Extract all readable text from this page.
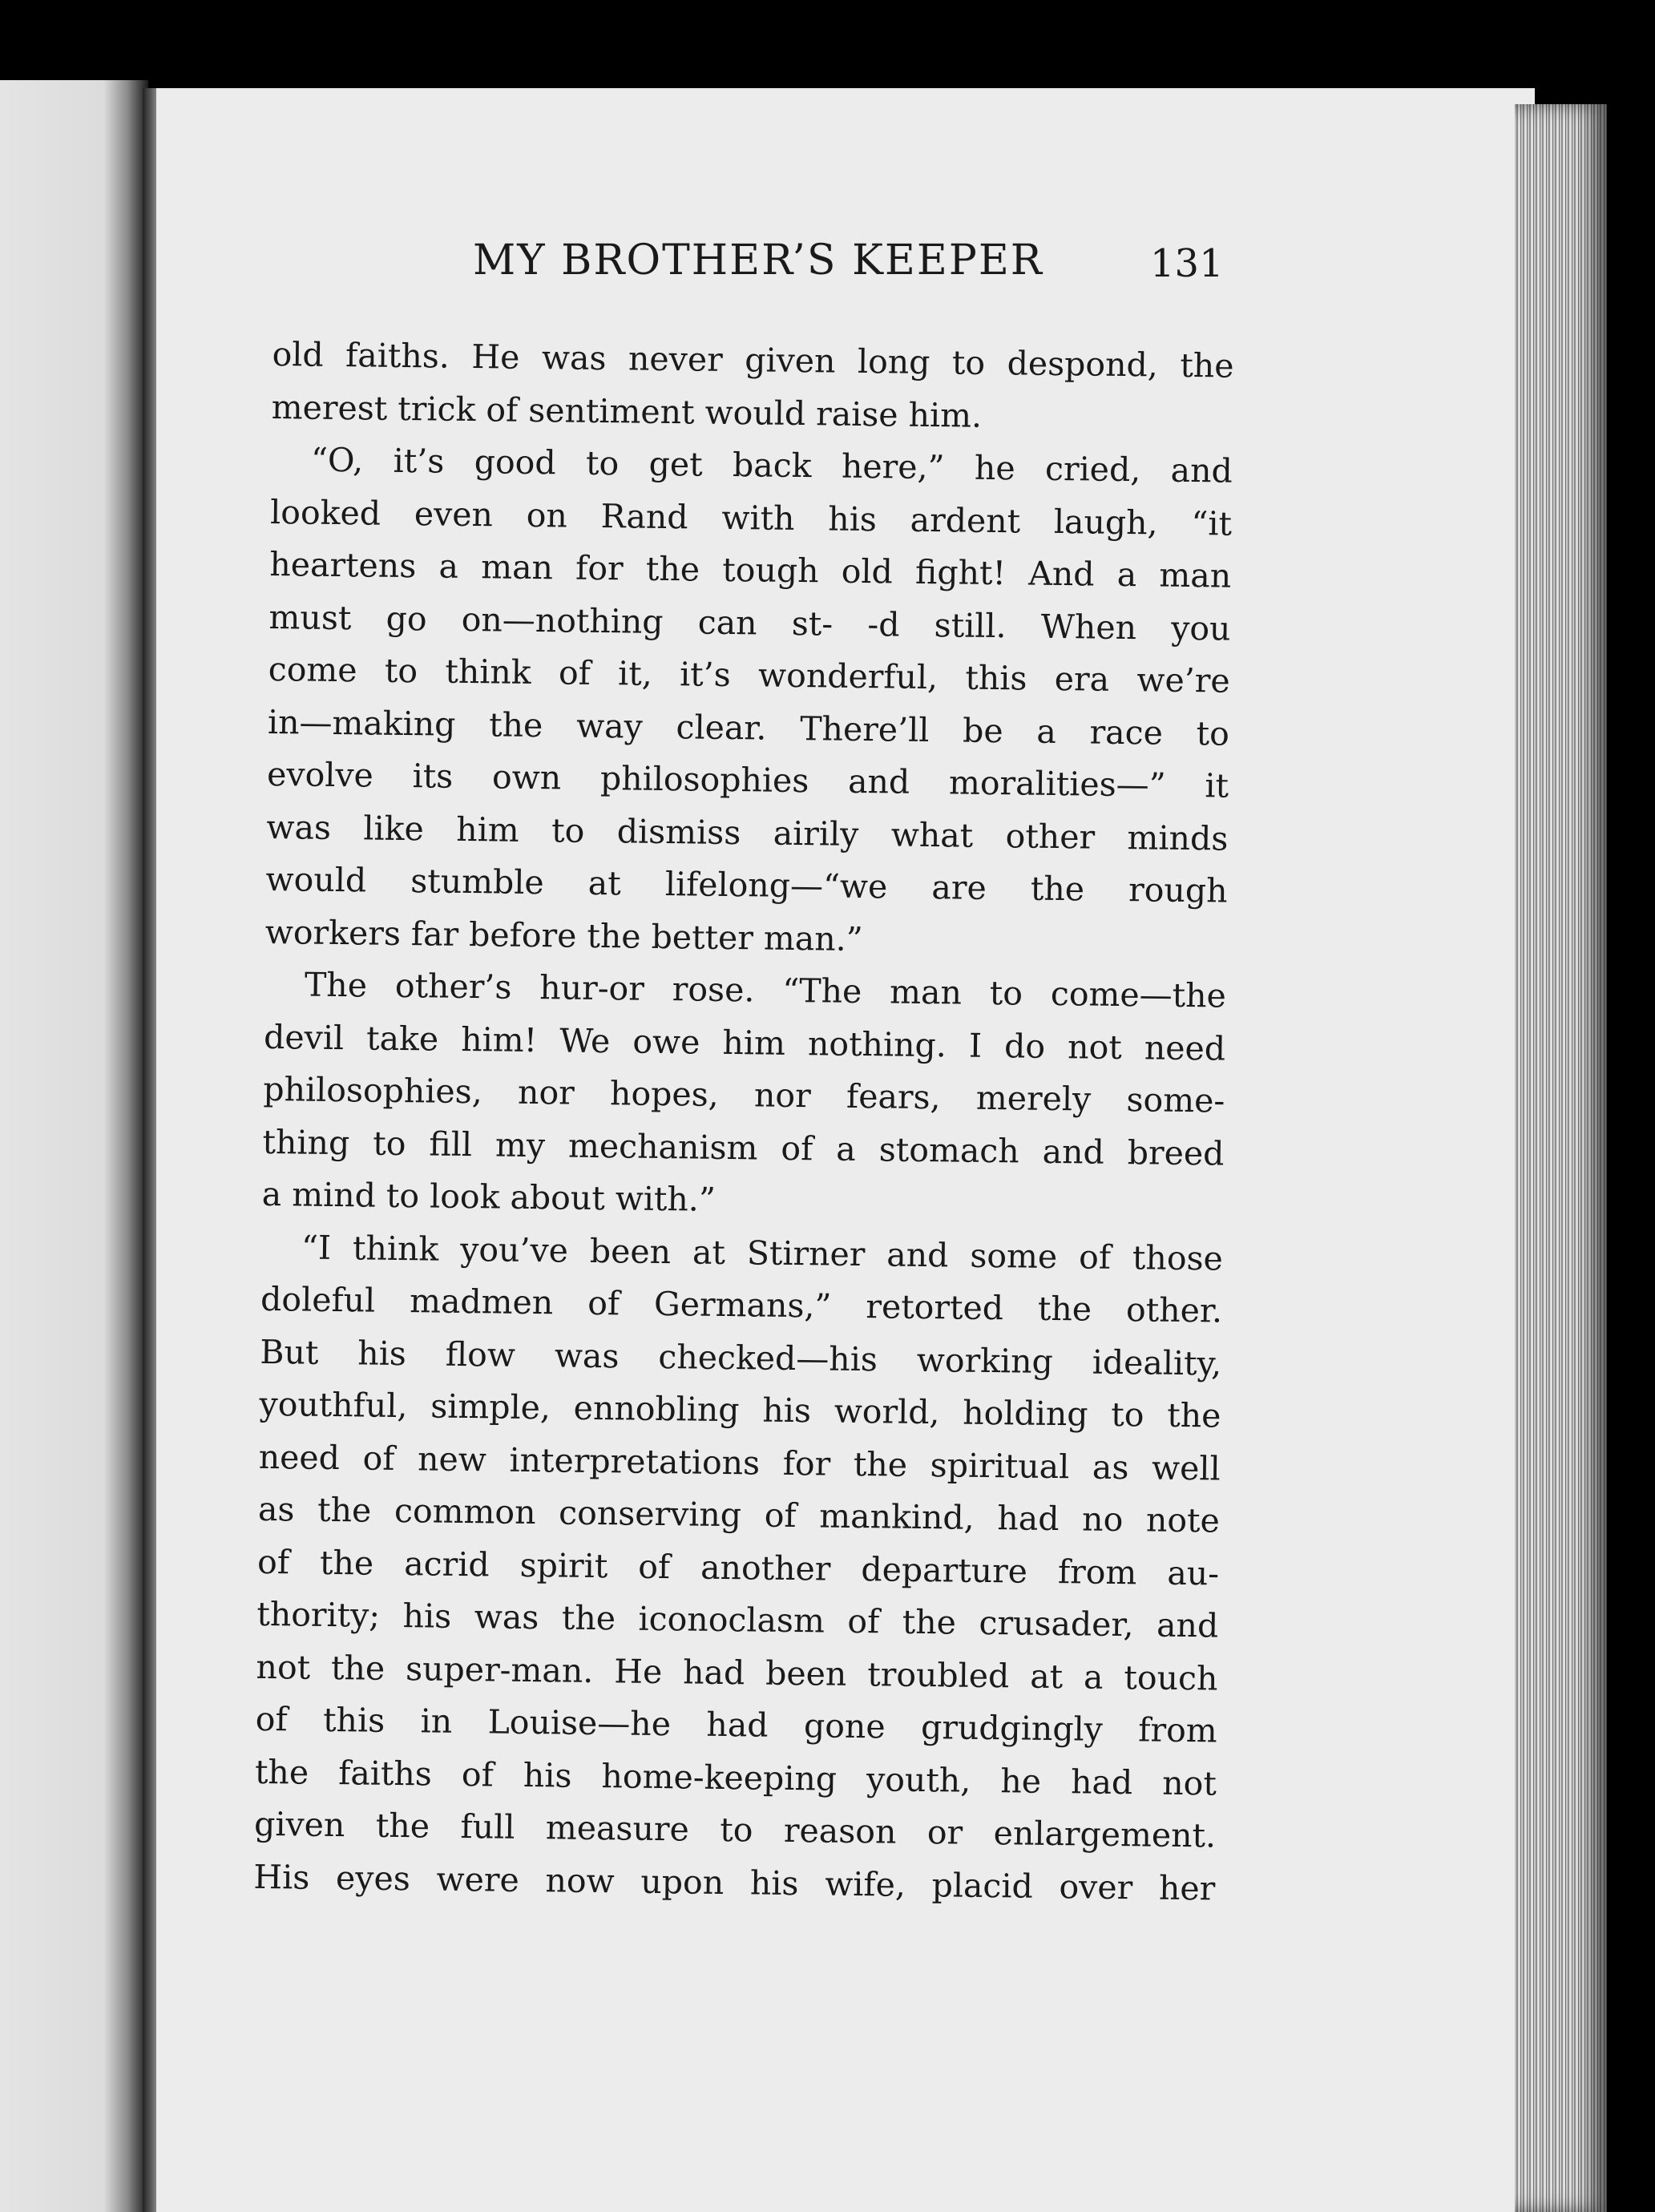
MY BROTHER’S KEEPER	131
old faiths. He was never given long to despond, the
merest trick of sentiment would raise him.
“O, it’s good to get back here,” he cried, and
looked even on Rand with his ardent laugh, “it
heartens a man for the tough old fight! And a man
must go on—nothing can st- -d still. When you
come to think of it, it’s wonderful, this era we’re
in—making the way clear. There’ll be a race to
evolve its own philosophies and moralities—” it
was like him to dismiss airily what other minds
would stumble at lifelong—“we are the rough
workers far before the better man.”
The other’s hur-or rose. “The man to come—the
devil take him! We owe him nothing. I do not need
philosophies, nor hopes, nor fears, merely some-
thing to fill my mechanism of a stomach and breed
a mind to look about with.”
“I think you’ve been at Stirner and some of those
doleful madmen of Germans,” retorted the other.
But his flow was checked—his working ideality,
youthful, simple, ennobling his world, holding to the
need of new interpretations for the spiritual as well
as the common conserving of mankind, had no note
of the acrid spirit of another departure from au-
thority; his was the iconoclasm of the crusader, and
not the super-man. He had been troubled at a touch
of this in Louise—he had gone grudgingly from
the faiths of his home-keeping youth, he had not
given the full measure to reason or enlargement.
His eyes were now upon his wife, placid over her
